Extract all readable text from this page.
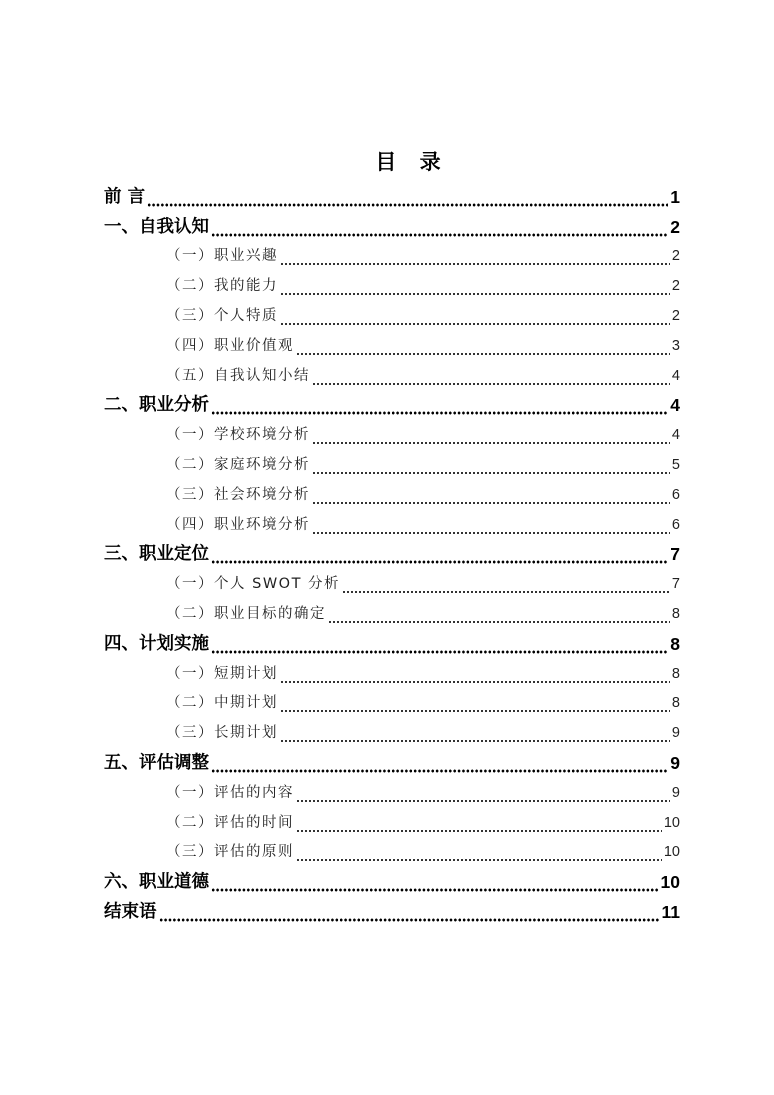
目 录
前 言	1
一、自我认知	2
（一）职业兴趣	2
（二）我的能力	2
（三）个人特质	2
（四）职业价值观	3
（五）自我认知小结	4
二、职业分析	4
（一）学校环境分析	4
（二）家庭环境分析	5
（三）社会环境分析	6
（四）职业环境分析	6
三、职业定位	7
（一）个人 SWOT 分析	7
（二）职业目标的确定	8
四、计划实施	8
（一）短期计划	8
（二）中期计划	8
（三）长期计划	9
五、评估调整	9
（一）评估的内容	9
（二）评估的时间	10
（三）评估的原则	10
六、职业道德	10
结束语	11
